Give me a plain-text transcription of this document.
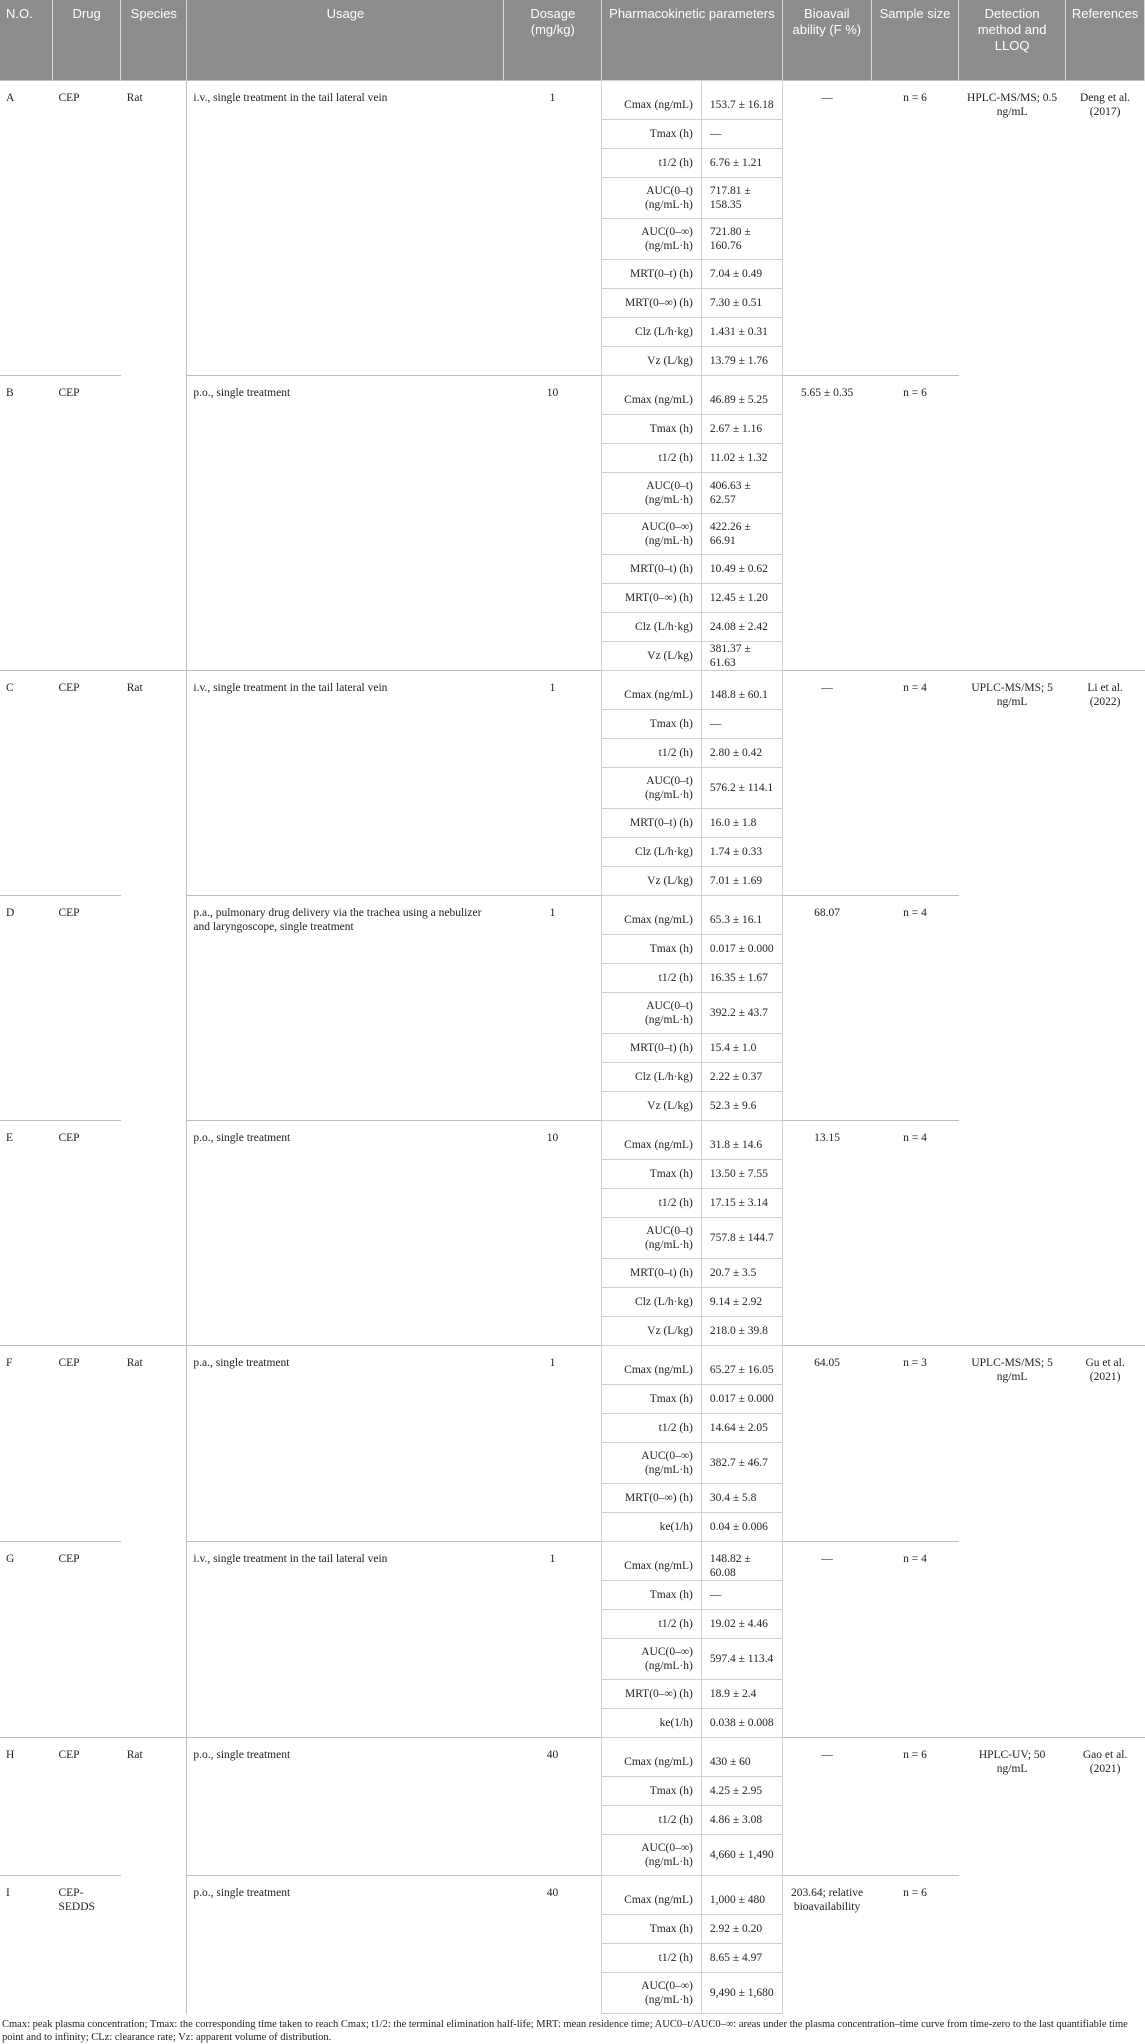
N.O.	Drug	Species	Usage	Dosage (mg/kg)	Pharmacokinetic parameters		Bioavail ability (F %)	Sample size	Detection method and LLOQ	References
A	CEP	Rat	i.v., single treatment in the tail lateral vein	1	Cmax (ng/mL)	153.7 ± 16.18	—	n = 6	HPLC-MS/MS; 0.5 ng/mL	Deng et al. (2017)
					Tmax (h)	—				
					t1/2 (h)	6.76 ± 1.21				
					AUC(0–t) (ng/mL·h)	717.81 ± 158.35				
					AUC(0–∞) (ng/mL·h)	721.80 ± 160.76				
					MRT(0–t) (h)	7.04 ± 0.49				
					MRT(0–∞) (h)	7.30 ± 0.51				
					Clz (L/h·kg)	1.431 ± 0.31				
					Vz (L/kg)	13.79 ± 1.76				
B	CEP		p.o., single treatment	10	Cmax (ng/mL)	46.89 ± 5.25	5.65 ± 0.35	n = 6		
					Tmax (h)	2.67 ± 1.16				
					t1/2 (h)	11.02 ± 1.32				
					AUC(0–t) (ng/mL·h)	406.63 ± 62.57				
					AUC(0–∞) (ng/mL·h)	422.26 ± 66.91				
					MRT(0–t) (h)	10.49 ± 0.62				
					MRT(0–∞) (h)	12.45 ± 1.20				
					Clz (L/h·kg)	24.08 ± 2.42				
					Vz (L/kg)	381.37 ± 61.63				
C	CEP	Rat	i.v., single treatment in the tail lateral vein	1	Cmax (ng/mL)	148.8 ± 60.1	—	n = 4	UPLC-MS/MS; 5 ng/mL	Li et al. (2022)
					Tmax (h)	—				
					t1/2 (h)	2.80 ± 0.42				
					AUC(0–t) (ng/mL·h)	576.2 ± 114.1				
					MRT(0–t) (h)	16.0 ± 1.8				
					Clz (L/h·kg)	1.74 ± 0.33				
					Vz (L/kg)	7.01 ± 1.69				
D	CEP		p.a., pulmonary drug delivery via the trachea using a nebulizer and laryngoscope, single treatment	1	Cmax (ng/mL)	65.3 ± 16.1	68.07	n = 4		
					Tmax (h)	0.017 ± 0.000				
					t1/2 (h)	16.35 ± 1.67				
					AUC(0–t) (ng/mL·h)	392.2 ± 43.7				
					MRT(0–t) (h)	15.4 ± 1.0				
					Clz (L/h·kg)	2.22 ± 0.37				
					Vz (L/kg)	52.3 ± 9.6				
E	CEP		p.o., single treatment	10	Cmax (ng/mL)	31.8 ± 14.6	13.15	n = 4		
					Tmax (h)	13.50 ± 7.55				
					t1/2 (h)	17.15 ± 3.14				
					AUC(0–t) (ng/mL·h)	757.8 ± 144.7				
					MRT(0–t) (h)	20.7 ± 3.5				
					Clz (L/h·kg)	9.14 ± 2.92				
					Vz (L/kg)	218.0 ± 39.8				
F	CEP	Rat	p.a., single treatment	1	Cmax (ng/mL)	65.27 ± 16.05	64.05	n = 3	UPLC-MS/MS; 5 ng/mL	Gu et al. (2021)
					Tmax (h)	0.017 ± 0.000				
					t1/2 (h)	14.64 ± 2.05				
					AUC(0–∞) (ng/mL·h)	382.7 ± 46.7				
					MRT(0–∞) (h)	30.4 ± 5.8				
					ke(1/h)	0.04 ± 0.006				
G	CEP		i.v., single treatment in the tail lateral vein	1	Cmax (ng/mL)	148.82 ± 60.08	—	n = 4		
					Tmax (h)	—				
					t1/2 (h)	19.02 ± 4.46				
					AUC(0–∞) (ng/mL·h)	597.4 ± 113.4				
					MRT(0–∞) (h)	18.9 ± 2.4				
					ke(1/h)	0.038 ± 0.008				
H	CEP	Rat	p.o., single treatment	40	Cmax (ng/mL)	430 ± 60	—	n = 6	HPLC-UV; 50 ng/mL	Gao et al. (2021)
					Tmax (h)	4.25 ± 2.95				
					t1/2 (h)	4.86 ± 3.08				
					AUC(0–∞) (ng/mL·h)	4,660 ± 1,490				
I	CEP-SEDDS		p.o., single treatment	40	Cmax (ng/mL)	1,000 ± 480	203.64; relative bioavailability	n = 6		
					Tmax (h)	2.92 ± 0.20				
					t1/2 (h)	8.65 ± 4.97				
					AUC(0–∞) (ng/mL·h)	9,490 ± 1,680				
Cmax: peak plasma concentration; Tmax: the corresponding time taken to reach Cmax; t1/2: the terminal elimination half-life; MRT: mean residence time; AUC0–t/AUC0–∞: areas under the plasma concentration–time curve from time-zero to the last quantifiable time point and to infinity; CLz: clearance rate; Vz: apparent volume of distribution.
